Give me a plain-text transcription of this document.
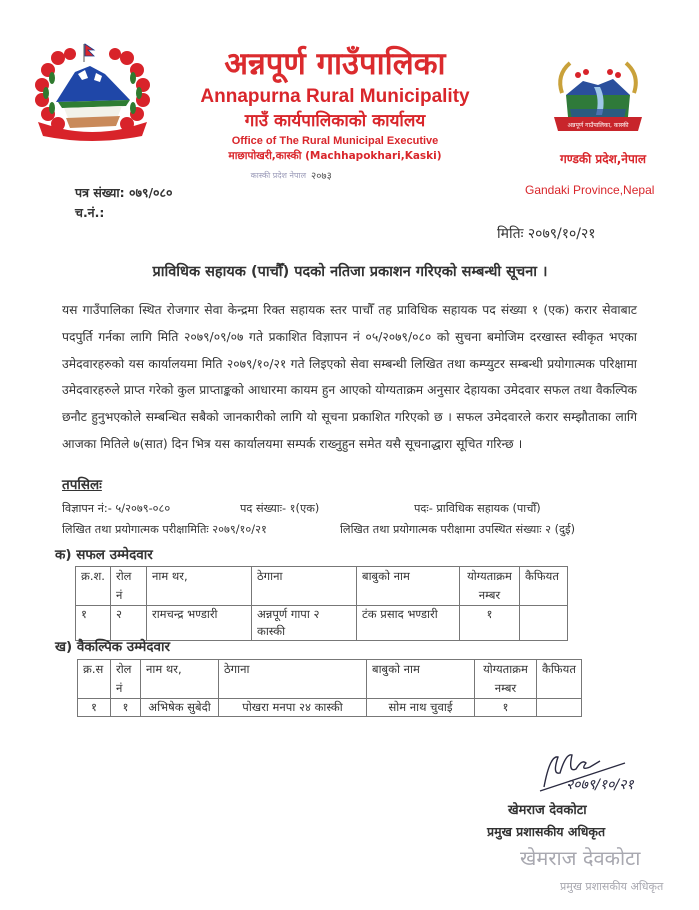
अन्नपूर्ण गाउँपालिका
Annapurna Rural Municipality
गाउँ कार्यपालिकाको कार्यालय
Office of The Rural Municipal Executive
माछापोखरी,कास्की (Machhapokhari,Kaski)
कास्की प्रदेश नेपाल २०७३
अन्नपूर्ण गाउँपालिका, कास्की
गण्डकी प्रदेश,नेपाल
Gandaki Province,Nepal
पत्र संख्या: ०७९/०८०
च.नं.:
मितिः २०७९/१०/२१
प्राविधिक सहायक (पाचौँ) पदको नतिजा प्रकाशन गरिएको सम्बन्धी सूचना ।
यस गाउँपालिका स्थित रोजगार सेवा केन्द्रमा रिक्त सहायक स्तर पाचौँ तह प्राविधिक सहायक पद संख्या १ (एक) करार सेवाबाट पदपुर्ति गर्नका लागि मिति २०७९/०९/०७ गते प्रकाशित विज्ञापन नं ०५/२०७९/०८० को सुचना बमोजिम दरखास्त स्वीकृत भएका उमेदवारहरुको यस कार्यालयमा मिति २०७९/१०/२१ गते लिइएको सेवा सम्बन्धी लिखित तथा कम्प्युटर सम्बन्धी प्रयोगात्मक परिक्षामा उमेदवारहरुले प्राप्त गरेको कुल प्राप्ताङ्कको आधारमा कायम हुन आएको योग्यताक्रम अनुसार देहायका उमेदवार सफल तथा वैकल्पिक छनौट हुनुभएकोले सम्बन्धित सबैको जानकारीको लागि यो सूचना प्रकाशित गरिएको छ । सफल उमेदवारले करार सम्झौताका लागि आजका मितिले ७(सात) दिन भित्र यस कार्यालयमा सम्पर्क राख्नुहुन समेत यसै सूचनाद्धारा सूचित गरिन्छ ।
तपसिलः
विज्ञापन नं:- ५/२०७९-०८०	पद संख्याः- १(एक)	पदः- प्राविधिक सहायक (पाचौँ)
लिखित तथा प्रयोगात्मक परीक्षामितिः २०७९/१०/२१	लिखित तथा प्रयोगात्मक परीक्षामा उपस्थित संख्याः २ (दुई)
क) सफल उम्मेदवार
क्र.श.	रोल नं	नाम थर,	ठेगाना	बाबुको नाम	योग्यताक्रम नम्बर	कैफियत
१	२	रामचन्द्र भण्डारी	अन्नपूर्ण गापा २ कास्की	टंक प्रसाद भण्डारी	१	
ख) वैकल्पिक उम्मेदवार
क्र.स	रोल नं	नाम थर,	ठेगाना	बाबुको नाम	योग्यताक्रम नम्बर	कैफियत
१	१	अभिषेक सुबेदी	पोखरा मनपा २४ कास्की	सोम नाथ चुवाई	१	
२०७९/१०/२१
खेमराज देवकोटा
प्रमुख प्रशासकीय अधिकृत
खेमराज देवकोटा
प्रमुख प्रशासकीय अधिकृत
